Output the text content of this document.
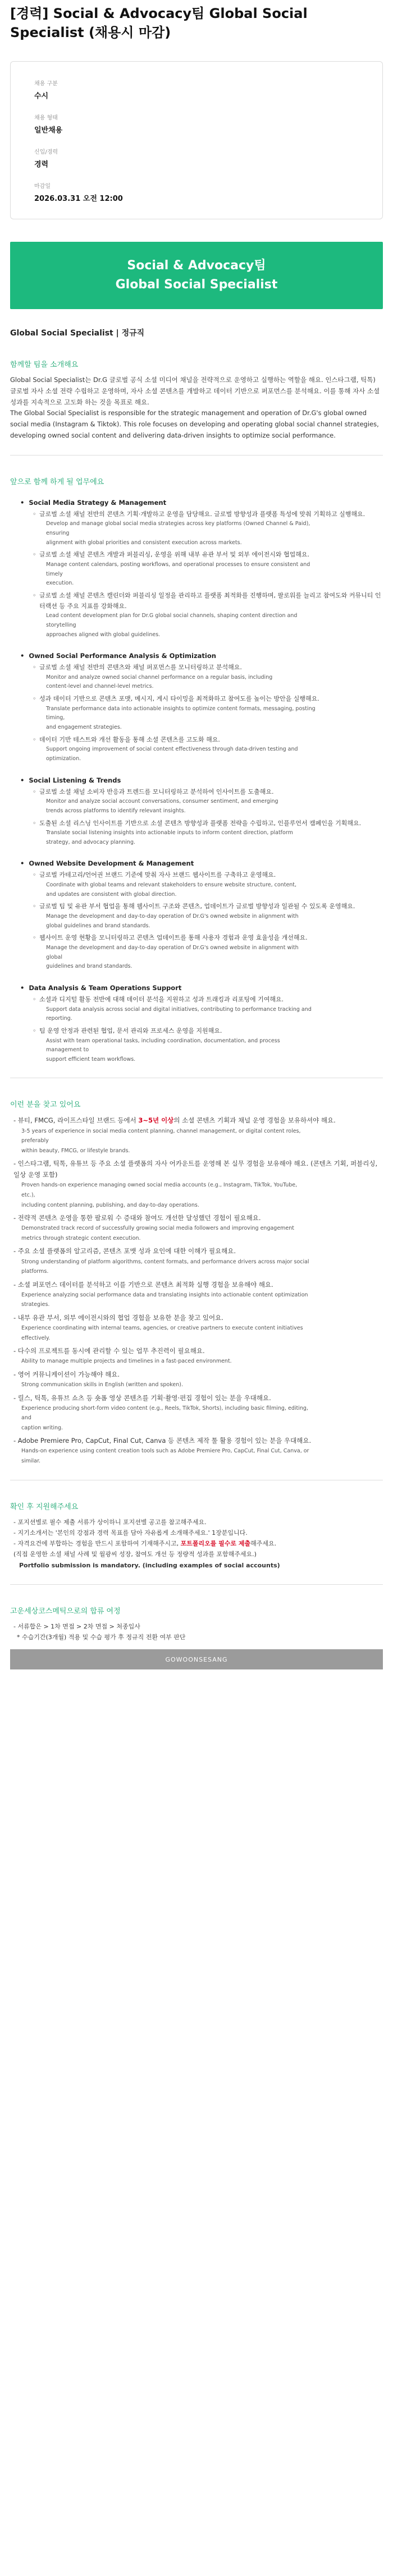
[경력] Social & Advocacy팀 Global Social Specialist (채용시 마감)
채용 구분
수시
채용 형태
일반채용
신입/경력
경력
마감일
2026.03.31 오전 12:00
Social & Advocacy팀
Global Social Specialist
Global Social Specialist | 정규직
함께할 팀을 소개해요

Global Social Specialist는 Dr.G 글로벌 공식 소셜 미디어 채널을 전략적으로 운영하고 실행하는 역할을 해요. 인스타그램, 틱톡) 글로벌 자사 소셜 전략 수립하고 운영하며, 자사 소셜 콘텐츠를 개발하고 데이터 기반으로 퍼포먼스를 분석해요. 이를 통해 자사 소셜 성과를 지속적으로 고도화 하는 것을 목표로 해요.

The Global Social Specialist is responsible for the strategic management and operation of Dr.G's global owned social media (Instagram & Tiktok). This role focuses on developing and operating global social channel strategies, developing owned social content and delivering data-driven insights to optimize social performance.

앞으로 함께 하게 될 업무에요
• Social Media Strategy & Management
◦ 글로벌 소셜 채널 전반의 콘텐츠 기획·개발하고 운영을 담당해요. 글로벌 방향성과 플랫폼 특성에 맞춰 기획하고 실행해요.
Develop and manage global social media strategies across key platforms (Owned Channel & Paid),
ensuring
alignment with global priorities and consistent execution across markets.
◦ 글로벌 소셜 채널 콘텐츠 개발과 퍼블리싱, 운영을 위해 내부 유관 부서 및 외부 에이전시와 협업해요.
Manage content calendars, posting workflows, and operational processes to ensure consistent and
timely
execution.
◦ 글로벌 소셜 채널 콘텐츠 캘린더와 퍼블리싱 일정을 관리하고 플랫폼 최적화를 진행하며, 팔로워를 늘리고 참여도와 커뮤니티 인터랙션 등 주요 지표를 강화해요.
Lead content development plan for Dr.G global social channels, shaping content direction and
storytelling
approaches aligned with global guidelines.
• Owned Social Performance Analysis & Optimization
◦ 글로벌 소셜 채널 전반의 콘텐츠와 채널 퍼포먼스를 모니터링하고 분석해요.
Monitor and analyze owned social channel performance on a regular basis, including
content-level and channel-level metrics.
◦ 성과 데이터 기반으로 콘텐츠 포맷, 메시지, 게시 타이밍을 최적화하고 참여도를 높이는 방안을 실행해요.
Translate performance data into actionable insights to optimize content formats, messaging, posting
timing,
and engagement strategies.
◦ 데이터 기반 테스트와 개선 활동을 통해 소셜 콘텐츠를 고도화 해요.
Support ongoing improvement of social content effectiveness through data-driven testing and
optimization.
• Social Listening & Trends
◦ 글로벌 소셜 채널 소비자 반응과 트렌드를 모니터링하고 분석하여 인사이트를 도출해요.
Monitor and analyze social account conversations, consumer sentiment, and emerging
trends across platforms to identify relevant insights.
◦ 도출된 소셜 리스닝 인사이트를 기반으로 소셜 콘텐츠 방향성과 플랫폼 전략을 수립하고, 인플루언서 캠페인을 기획해요.
Translate social listening insights into actionable inputs to inform content direction, platform
strategy, and advocacy planning.
• Owned Website Development & Management
◦ 글로벌 카테고리/언어권 브랜드 기준에 맞춰 자사 브랜드 웹사이트를 구축하고 운영해요.
Coordinate with global teams and relevant stakeholders to ensure website structure, content,
and updates are consistent with global direction.
◦ 글로벌 팀 및 유관 부서 협업을 통해 웹사이트 구조와 콘텐츠, 업데이트가 글로벌 방향성과 일관될 수 있도록 운영해요.
Manage the development and day-to-day operation of Dr.G's owned website in alignment with
global guidelines and brand standards.
◦ 웹사이트 운영 현황을 모니터링하고 콘텐츠 업데이트를 통해 사용자 경험과 운영 효율성을 개선해요.
Manage the development and day-to-day operation of Dr.G's owned website in alignment with
global
guidelines and brand standards.
• Data Analysis & Team Operations Support
◦ 소셜과 디지털 활동 전반에 대해 데이터 분석을 지원하고 성과 트래킹과 리포팅에 기여해요.
Support data analysis across social and digital initiatives, contributing to performance tracking and
reporting.
◦ 팀 운영 안정과 관련된 협업, 문서 관리와 프로세스 운영을 지원해요.
Assist with team operational tasks, including coordination, documentation, and process
management to
support efficient team workflows.
이런 분을 찾고 있어요
- 뷰티, FMCG, 라이프스타일 브랜드 등에서 3~5년 이상의 소셜 콘텐츠 기획과 채널 운영 경험을 보유하셔야 해요.
3-5 years of experience in social media content planning, channel management, or digital content roles,
preferably
within beauty, FMCG, or lifestyle brands.
- 인스타그램, 틱톡, 유튜브 등 주요 소셜 플랫폼의 자사 어카운트를 운영해 본 실무 경험을 보유해야 해요. (콘텐츠 기획, 퍼블리싱, 일상 운영 포함)
Proven hands-on experience managing owned social media accounts (e.g., Instagram, TikTok, YouTube,
etc.),
including content planning, publishing, and day-to-day operations.
- 전략적 콘텐츠 운영을 통한 팔로워 수 증대와 참여도 개선한 달성했던 경험이 필요해요.
Demonstrated track record of successfully growing social media followers and improving engagement
metrics through strategic content execution.
- 주요 소셜 플랫폼의 알고리즘, 콘텐츠 포맷 성과 요인에 대한 이해가 필요해요.
Strong understanding of platform algorithms, content formats, and performance drivers across major social
platforms.
- 소셜 퍼포먼스 데이터를 분석하고 이를 기반으로 콘텐츠 최적화 실행 경험을 보유해야 해요.
Experience analyzing social performance data and translating insights into actionable content optimization
strategies.
- 내부 유관 부서, 외부 에이전시와의 협업 경험을 보유한 분을 찾고 있어요.
Experience coordinating with internal teams, agencies, or creative partners to execute content initiatives
effectively.
- 다수의 프로젝트를 동시에 관리할 수 있는 업무 추진력이 필요해요.
Ability to manage multiple projects and timelines in a fast-paced environment.
- 영어 커뮤니케이션이 가능해야 해요.
Strong communication skills in English (written and spoken).
- 릴스, 틱톡, 유튜브 쇼츠 등 숏폼 영상 콘텐츠를 기획·촬영·편집 경험이 있는 분을 우대해요.
Experience producing short-form video content (e.g., Reels, TikTok, Shorts), including basic filming, editing,
and
caption writing.
- Adobe Premiere Pro, CapCut, Final Cut, Canva 등 콘텐츠 제작 툴 활용 경험이 있는 분을 우대해요.
Hands-on experience using content creation tools such as Adobe Premiere Pro, CapCut, Final Cut, Canva, or
similar.
확인 후 지원해주세요
- 포지션별로 필수 제출 서류가 상이하니 포지션별 공고를 참고해주세요.
- 지기소개서는 '본인의 강점과 경력 목표를 담아 자유롭게 소개해주세요.' 1장분입니다.
- 자격요건에 부합하는 경험을 반드시 포함하여 기재해주시고, 포트폴리오를 필수로 제출해주세요.
(직접 운영한 소셜 채널 사례 및 월광씨 성장, 참여도 개선 등 정량적 성과를 포함해주세요.)
Portfolio submission is mandatory. (including examples of social accounts)
고운세상코스메틱으로의 합류 여정
- 서류합은 > 1차 면접 > 2차 면접 > 처종입사
* 수습기간(3개월) 적용 및 수습 평가 후 정규직 전환 여부 판단
GOWOONSESANG
